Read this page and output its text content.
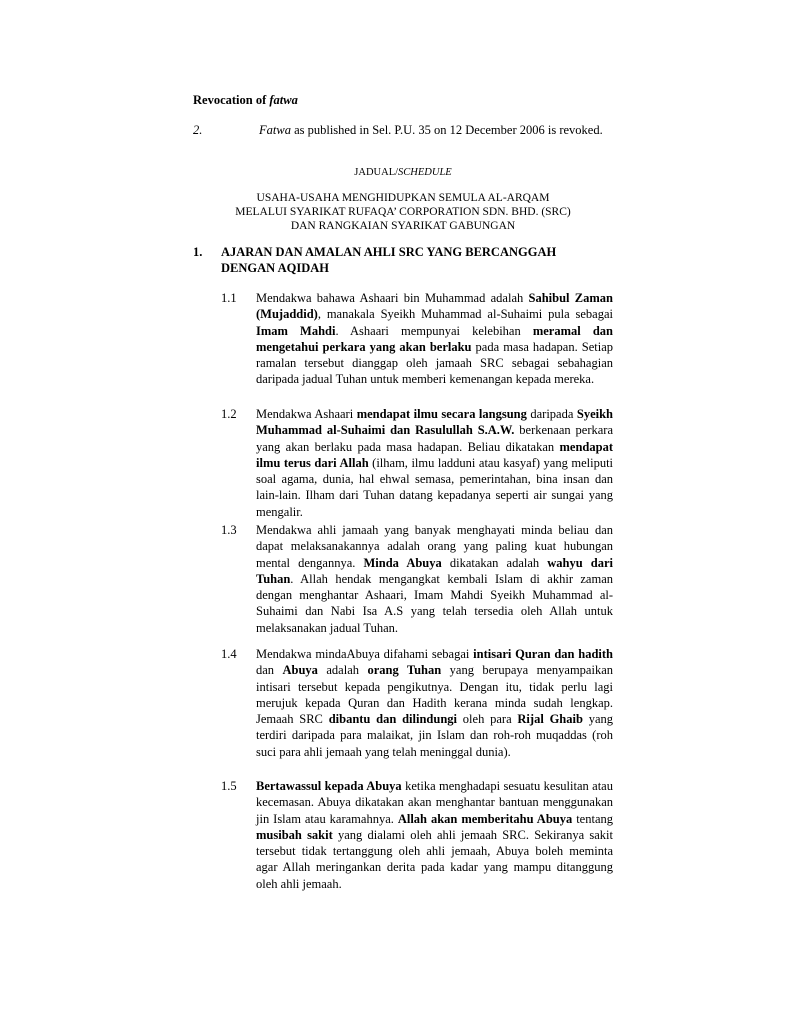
Revocation of fatwa
2.	Fatwa as published in Sel. P.U. 35 on 12 December 2006 is revoked.
JADUAL/SCHEDULE
USAHA-USAHA MENGHIDUPKAN SEMULA AL-ARQAM
MELALUI SYARIKAT RUFAQA’ CORPORATION SDN. BHD. (SRC)
DAN RANGKAIAN SYARIKAT GABUNGAN
1. AJARAN DAN AMALAN AHLI SRC YANG BERCANGGAH DENGAN AQIDAH
1.1 Mendakwa bahawa Ashaari bin Muhammad adalah Sahibul Zaman (Mujaddid), manakala Syeikh Muhammad al-Suhaimi pula sebagai Imam Mahdi. Ashaari mempunyai kelebihan meramal dan mengetahui perkara yang akan berlaku pada masa hadapan. Setiap ramalan tersebut dianggap oleh jamaah SRC sebagai sebahagian daripada jadual Tuhan untuk memberi kemenangan kepada mereka.
1.2 Mendakwa Ashaari mendapat ilmu secara langsung daripada Syeikh Muhammad al-Suhaimi dan Rasulullah S.A.W. berkenaan perkara yang akan berlaku pada masa hadapan. Beliau dikatakan mendapat ilmu terus dari Allah (ilham, ilmu ladduni atau kasyaf) yang meliputi soal agama, dunia, hal ehwal semasa, pemerintahan, bina insan dan lain-lain. Ilham dari Tuhan datang kepadanya seperti air sungai yang mengalir.
1.3 Mendakwa ahli jamaah yang banyak menghayati minda beliau dan dapat melaksanakannya adalah orang yang paling kuat hubungan mental dengannya. Minda Abuya dikatakan adalah wahyu dari Tuhan. Allah hendak mengangkat kembali Islam di akhir zaman dengan menghantar Ashaari, Imam Mahdi Syeikh Muhammad al- Suhaimi dan Nabi Isa A.S yang telah tersedia oleh Allah untuk melaksanakan jadual Tuhan.
1.4 Mendakwa mindaAbuya difahami sebagai intisari Quran dan hadith dan Abuya adalah orang Tuhan yang berupaya menyampaikan intisari tersebut kepada pengikutnya. Dengan itu, tidak perlu lagi merujuk kepada Quran dan Hadith kerana minda sudah lengkap. Jemaah SRC dibantu dan dilindungi oleh para Rijal Ghaib yang terdiri daripada para malaikat, jin Islam dan roh-roh muqaddas (roh suci para ahli jemaah yang telah meninggal dunia).
1.5 Bertawassul kepada Abuya ketika menghadapi sesuatu kesulitan atau kecemasan. Abuya dikatakan akan menghantar bantuan menggunakan jin Islam atau karamahnya. Allah akan memberitahu Abuya tentang musibah sakit yang dialami oleh ahli jemaah SRC. Sekiranya sakit tersebut tidak tertanggung oleh ahli jemaah, Abuya boleh meminta agar Allah meringankan derita pada kadar yang mampu ditanggung oleh ahli jemaah.
